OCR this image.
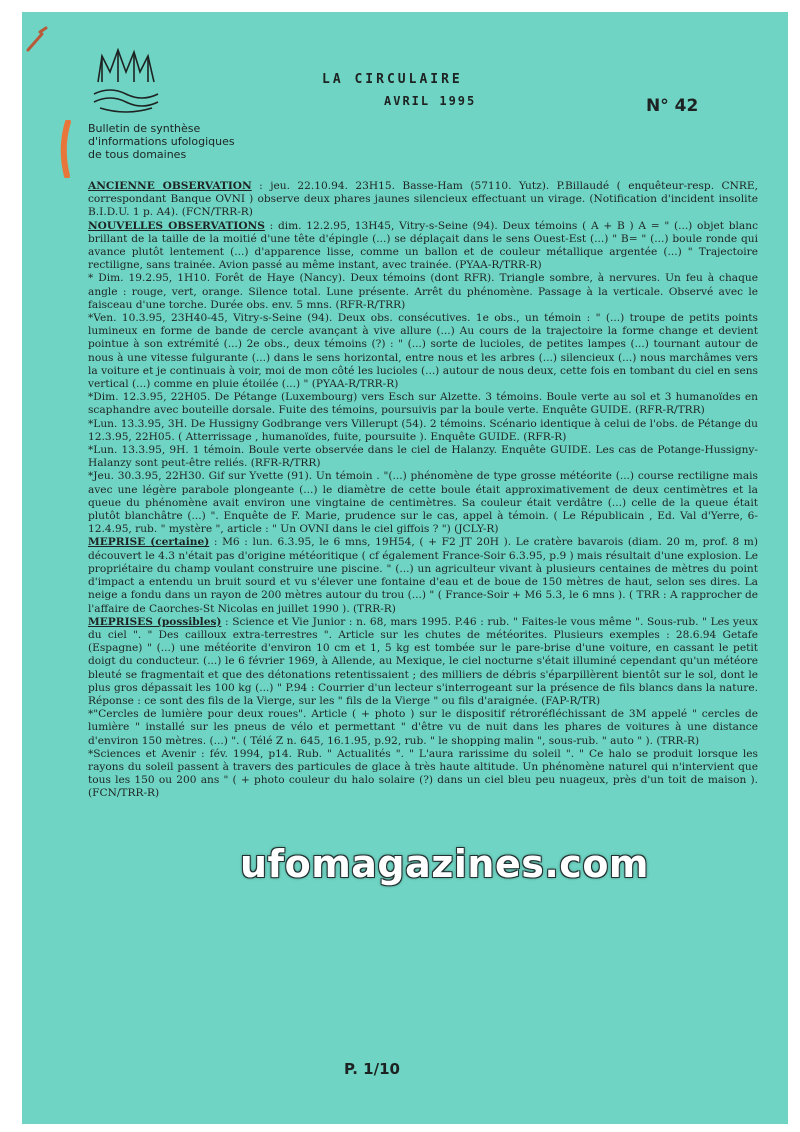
LA CIRCULAIRE
AVRIL 1995	N° 42
Bulletin de synthèse
d'informations ufologiques
de tous domaines

ANCIENNE OBSERVATION : jeu. 22.10.94. 23H15. Basse-Ham (57110. Yutz). P.Billaudé ( enquêteur-resp. CNRE, correspondant Banque OVNI ) observe deux phares jaunes silencieux effectuant un virage. (Notification d'incident insolite B.I.D.U. 1 p. A4). (FCN/TRR-R)

NOUVELLES OBSERVATIONS : dim. 12.2.95, 13H45, Vitry-s-Seine (94). Deux témoins ( A + B ) A = " (...) objet blanc brillant de la taille de la moitié d'une tête d'épingle (...) se déplaçait dans le sens Ouest-Est (...) " B= " (...) boule ronde qui avance plutôt lentement (...) d'apparence lisse, comme un ballon et de couleur métallique argentée (...) " Trajectoire rectiligne, sans trainée. Avion passé au même instant, avec trainée. (PYAA-R/TRR-R)

* Dim. 19.2.95, 1H10. Forêt de Haye (Nancy). Deux témoins (dont RFR). Triangle sombre, à nervures. Un feu à chaque angle : rouge, vert, orange. Silence total. Lune présente. Arrêt du phénomène. Passage à la verticale. Observé avec le faisceau d'une torche. Durée obs. env. 5 mns. (RFR-R/TRR)

*Ven. 10.3.95, 23H40-45, Vitry-s-Seine (94). Deux obs. consécutives. 1e obs., un témoin : " (...) troupe de petits points lumineux en forme de bande de cercle avançant à vive allure (...) Au cours de la trajectoire la forme change et devient pointue à son extrémité (...) 2e obs., deux témoins (?) : " (...) sorte de lucioles, de petites lampes (...) tournant autour de nous à une vitesse fulgurante (...) dans le sens horizontal, entre nous et les arbres (...) silencieux (...) nous marchâmes vers la voiture et je continuais à voir, moi de mon côté les lucioles (...) autour de nous deux, cette fois en tombant du ciel en sens vertical (...) comme en pluie étoilée (...) " (PYAA-R/TRR-R)

*Dim. 12.3.95, 22H05. De Pétange (Luxembourg) vers Esch sur Alzette. 3 témoins. Boule verte au sol et 3 humanoïdes en scaphandre avec bouteille dorsale. Fuite des témoins, poursuivis par la boule verte. Enquête GUIDE. (RFR-R/TRR)

*Lun. 13.3.95, 3H. De Hussigny Godbrange vers Villerupt (54). 2 témoins. Scénario identique à celui de l'obs. de Pétange du 12.3.95, 22H05. ( Atterrissage , humanoïdes, fuite, poursuite ). Enquête GUIDE. (RFR-R)

*Lun. 13.3.95, 9H. 1 témoin. Boule verte observée dans le ciel de Halanzy. Enquête GUIDE. Les cas de Potange-Hussigny-Halanzy sont peut-être reliés. (RFR-R/TRR)

*Jeu. 30.3.95, 22H30. Gif sur Yvette (91). Un témoin . "(...) phénomène de type grosse météorite (...) course rectiligne mais avec une légère parabole plongeante (...) le diamètre de cette boule était approximativement de deux centimètres et la queue du phénomène avait environ une vingtaine de centimètres. Sa couleur était verdâtre (...) celle de la queue était plutôt blanchâtre (...) ". Enquête de F. Marie, prudence sur le cas, appel à témoin. ( Le Républicain , Ed. Val d'Yerre, 6-12.4.95, rub. " mystère ", article : " Un OVNI dans le ciel giffois ? ") (JCLY-R)

MEPRISE (certaine) : M6 : lun. 6.3.95, le 6 mns, 19H54, ( + F2 JT 20H ). Le cratère bavarois (diam. 20 m, prof. 8 m) découvert le 4.3 n'était pas d'origine météoritique ( cf également France-Soir 6.3.95, p.9 ) mais résultait d'une explosion. Le propriétaire du champ voulant construire une piscine. " (...) un agriculteur vivant à plusieurs centaines de mètres du point d'impact a entendu un bruit sourd et vu s'élever une fontaine d'eau et de boue de 150 mètres de haut, selon ses dires. La neige a fondu dans un rayon de 200 mètres autour du trou (...) " ( France-Soir + M6 5.3, le 6 mns ). ( TRR : A rapprocher de l'affaire de Caorches-St Nicolas en juillet 1990 ). (TRR-R)

MEPRISES (possibles) : Science et Vie Junior : n. 68, mars 1995. P.46 : rub. " Faites-le vous même ". Sous-rub. " Les yeux du ciel ". " Des cailloux extra-terrestres ". Article sur les chutes de météorites. Plusieurs exemples : 28.6.94 Getafe (Espagne) " (...) une météorite d'environ 10 cm et 1, 5 kg est tombée sur le pare-brise d'une voiture, en cassant le petit doigt du conducteur. (...) le 6 février 1969, à Allende, au Mexique, le ciel nocturne s'était illuminé cependant qu'un météore bleuté se fragmentait et que des détonations retentissaient ; des milliers de débris s'éparpillèrent bientôt sur le sol, dont le plus gros dépassait les 100 kg (...) " P.94 : Courrier d'un lecteur s'interrogeant sur la présence de fils blancs dans la nature. Réponse : ce sont des fils de la Vierge, sur les " fils de la Vierge " ou fils d'araignée. (FAP-R/TR)

*"Cercles de lumière pour deux roues". Article ( + photo ) sur le dispositif rétroréfléchissant de 3M appelé " cercles de lumière " installé sur les pneus de vélo et permettant " d'être vu de nuit dans les phares de voitures à une distance d'environ 150 mètres. (...) ". ( Télé Z n. 645, 16.1.95, p.92, rub. " le shopping malin ", sous-rub. " auto " ). (TRR-R)

*Sciences et Avenir : fév. 1994, p14. Rub. " Actualités ". " L'aura rarissime du soleil ". " Ce halo se produit lorsque les rayons du soleil passent à travers des particules de glace à très haute altitude. Un phénomène naturel qui n'intervient que tous les 150 ou 200 ans " ( + photo couleur du halo solaire (?) dans un ciel bleu peu nuageux, près d'un toit de maison ). (FCN/TRR-R)

ufomagazines.com
P. 1/10
